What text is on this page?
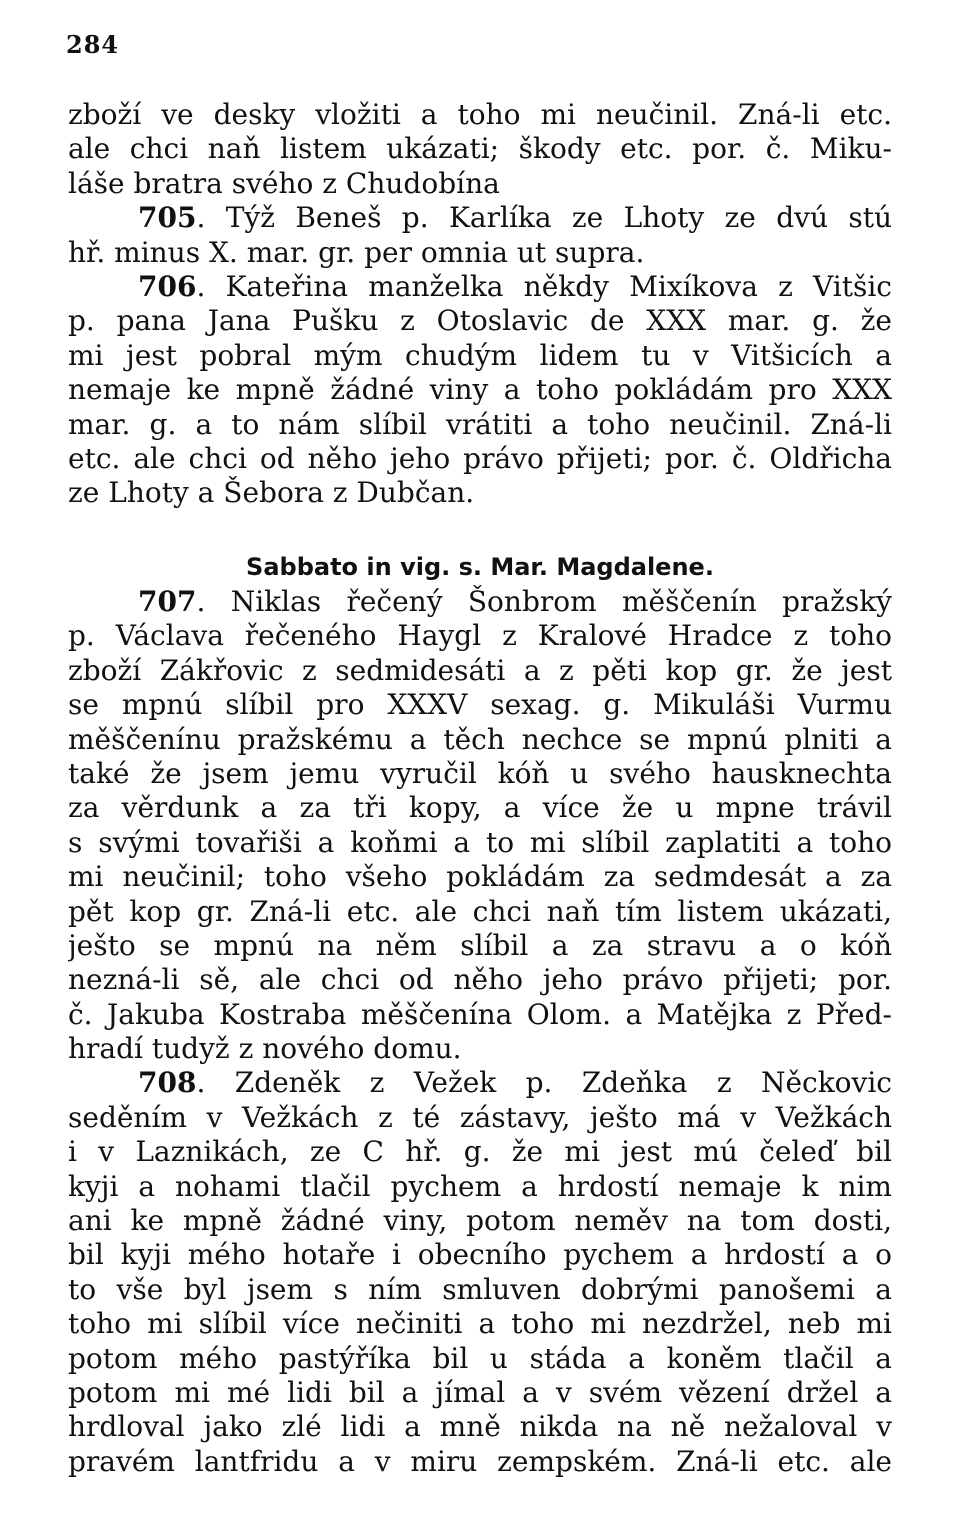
284
zboží ve desky vložiti a toho mi neučinil. Zná-li etc.
ale chci naň listem ukázati; škody etc. por. č. Miku-
láše bratra svého z Chudobína
705. Týž Beneš p. Karlíka ze Lhoty ze dvú stú
hř. minus X. mar. gr. per omnia ut supra.
706. Kateřina manželka někdy Mixíkova z Vitšic
p. pana Jana Pušku z Otoslavic de XXX mar. g. že
mi jest pobral mým chudým lidem tu v Vitšicích a
nemaje ke mpně žádné viny a toho pokládám pro XXX
mar. g. a to nám slíbil vrátiti a toho neučinil. Zná-li
etc. ale chci od něho jeho právo přijeti; por. č. Oldřicha
ze Lhoty a Šebora z Dubčan.
Sabbato in vig. s. Mar. Magdalene.
707. Niklas řečený Šonbrom měščenín pražský
p. Václava řečeného Haygl z Kralové Hradce z toho
zboží Zákřovic z sedmidesáti a z pěti kop gr. že jest
se mpnú slíbil pro XXXV sexag. g. Mikuláši Vurmu
měščenínu pražskému a těch nechce se mpnú plniti a
také že jsem jemu vyručil kóň u svého hausknechta
za věrdunk a za tři kopy, a více že u mpne trávil
s svými tovařiši a koňmi a to mi slíbil zaplatiti a toho
mi neučinil; toho všeho pokládám za sedmdesát a za
pět kop gr. Zná-li etc. ale chci naň tím listem ukázati,
ješto se mpnú na něm slíbil a za stravu a o kóň
nezná-li sě, ale chci od něho jeho právo přijeti; por.
č. Jakuba Kostraba měščenína Olom. a Matějka z Před-
hradí tudyž z nového domu.
708. Zdeněk z Vežek p. Zdeňka z Něckovic
seděním v Vežkách z té zástavy, ješto má v Vežkách
i v Laznikách, ze C hř. g. že mi jest mú čeleď bil
kyji a nohami tlačil pychem a hrdostí nemaje k nim
ani ke mpně žádné viny, potom neměv na tom dosti,
bil kyji mého hotaře i obecního pychem a hrdostí a o
to vše byl jsem s ním smluven dobrými panošemi a
toho mi slíbil více nečiniti a toho mi nezdržel, neb mi
potom mého pastýříka bil u stáda a koněm tlačil a
potom mi mé lidi bil a jímal a v svém vězení držel a
hrdloval jako zlé lidi a mně nikda na ně nežaloval v
pravém lantfridu a v miru zempském. Zná-li etc. ale
